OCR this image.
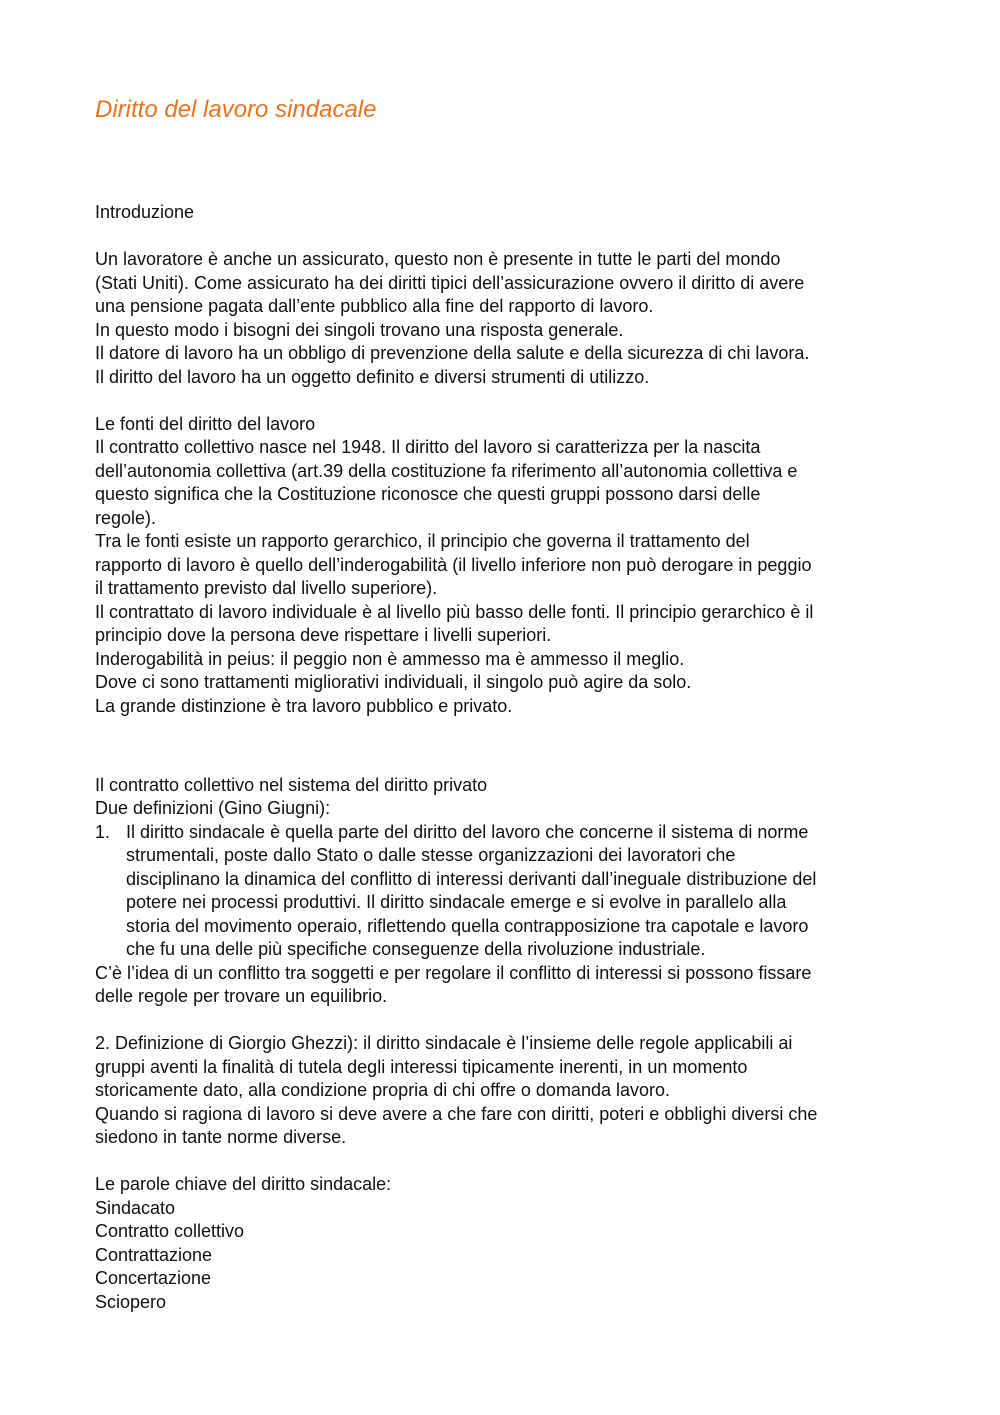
Diritto del lavoro sindacale
Introduzione
Un lavoratore è anche un assicurato, questo non è presente in tutte le parti del mondo
(Stati Uniti). Come assicurato ha dei diritti tipici dell’assicurazione ovvero il diritto di avere
una pensione pagata dall’ente pubblico alla fine del rapporto di lavoro.
In questo modo i bisogni dei singoli trovano una risposta generale.
Il datore di lavoro ha un obbligo di prevenzione della salute e della sicurezza di chi lavora.
Il diritto del lavoro ha un oggetto definito e diversi strumenti di utilizzo.
Le fonti del diritto del lavoro
Il contratto collettivo nasce nel 1948. Il diritto del lavoro si caratterizza per la nascita
dell’autonomia collettiva (art.39 della costituzione fa riferimento all’autonomia collettiva e
questo significa che la Costituzione riconosce che questi gruppi possono darsi delle
regole).
Tra le fonti esiste un rapporto gerarchico, il principio che governa il trattamento del
rapporto di lavoro è quello dell’inderogabilità (il livello inferiore non può derogare in peggio
il trattamento previsto dal livello superiore).
Il contrattato di lavoro individuale è al livello più basso delle fonti. Il principio gerarchico è il
principio dove la persona deve rispettare i livelli superiori.
Inderogabilità in peius: il peggio non è ammesso ma è ammesso il meglio.
Dove ci sono trattamenti migliorativi individuali, il singolo può agire da solo.
La grande distinzione è tra lavoro pubblico e privato.
Il contratto collettivo nel sistema del diritto privato
Due definizioni (Gino Giugni):
1. Il diritto sindacale è quella parte del diritto del lavoro che concerne il sistema di norme
strumentali, poste dallo Stato o dalle stesse organizzazioni dei lavoratori che
disciplinano la dinamica del conflitto di interessi derivanti dall’ineguale distribuzione del
potere nei processi produttivi. Il diritto sindacale emerge e si evolve in parallelo alla
storia del movimento operaio, riflettendo quella contrapposizione tra capotale e lavoro
che fu una delle più specifiche conseguenze della rivoluzione industriale.
C’è l’idea di un conflitto tra soggetti e per regolare il conflitto di interessi si possono fissare
delle regole per trovare un equilibrio.
2. Definizione di Giorgio Ghezzi): il diritto sindacale è l’insieme delle regole applicabili ai
gruppi aventi la finalità di tutela degli interessi tipicamente inerenti, in un momento
storicamente dato, alla condizione propria di chi offre o domanda lavoro.
Quando si ragiona di lavoro si deve avere a che fare con diritti, poteri e obblighi diversi che
siedono in tante norme diverse.
Le parole chiave del diritto sindacale:
Sindacato
Contratto collettivo
Contrattazione
Concertazione
Sciopero
